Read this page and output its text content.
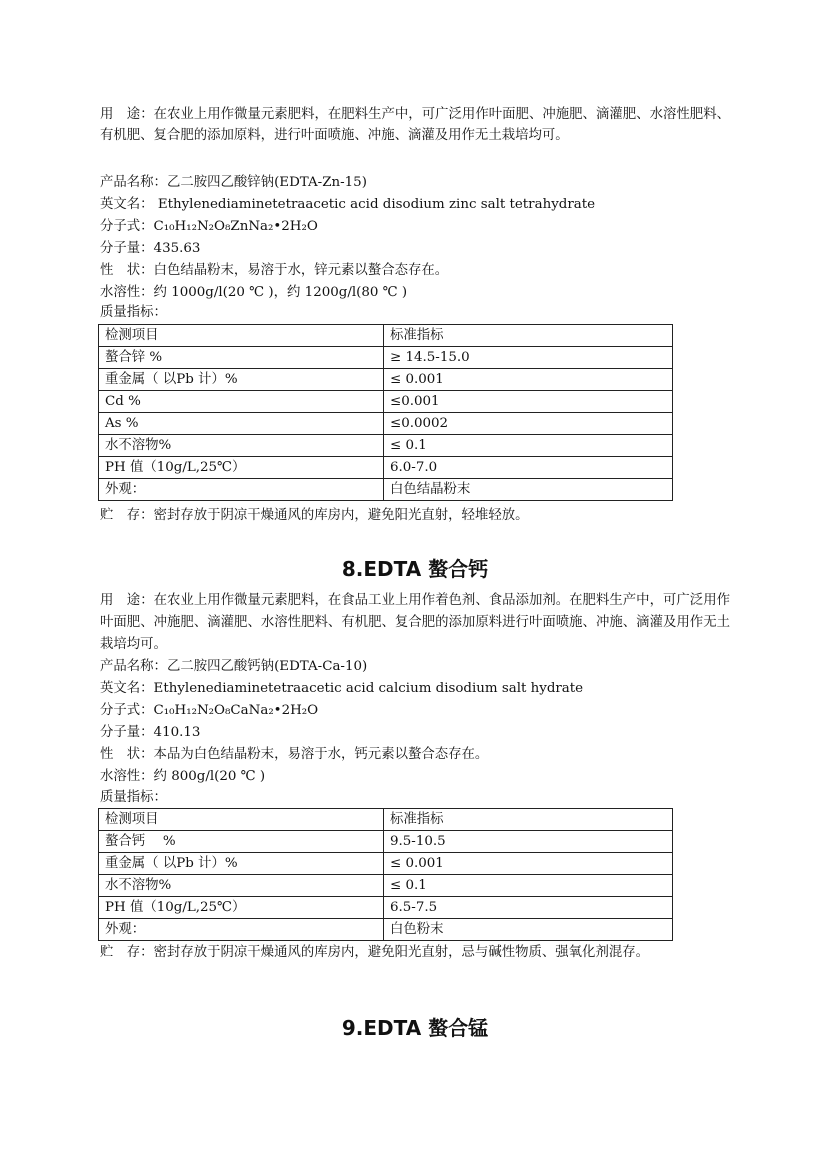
用　途：在农业上用作微量元素肥料，在肥料生产中，可广泛用作叶面肥、冲施肥、滴灌肥、水溶性肥料、有机肥、复合肥的添加原料，进行叶面喷施、冲施、滴灌及用作无土栽培均可。

产品名称：乙二胺四乙酸锌钠(EDTA-Zn-15)

英文名： Ethylenediaminetetraacetic acid disodium zinc salt tetrahydrate

分子式：C₁₀H₁₂N₂O₈ZnNa₂•2H₂O

分子量：435.63

性　状：白色结晶粉末，易溶于水，锌元素以螯合态存在。

水溶性：约 1000g/l(20 ℃ )，约 1200g/l(80 ℃ )

质量指标：

检测项目	标准指标
螯合锌 %	≥ 14.5-15.0
重金属（ 以Pb 计）%	≤ 0.001
Cd %	≤0.001
As %	≤0.0002
水不溶物%	≤ 0.1
PH 值（10g/L,25℃）	6.0-7.0
外观：	白色结晶粉末

贮　存：密封存放于阴凉干燥通风的库房内，避免阳光直射，轻堆轻放。

8.EDTA 螯合钙

用　途：在农业上用作微量元素肥料，在食品工业上用作着色剂、食品添加剂。在肥料生产中，可广泛用作叶面肥、冲施肥、滴灌肥、水溶性肥料、有机肥、复合肥的添加原料进行叶面喷施、冲施、滴灌及用作无土栽培均可。

产品名称：乙二胺四乙酸钙钠(EDTA-Ca-10)

英文名：Ethylenediaminetetraacetic acid calcium disodium salt hydrate

分子式：C₁₀H₁₂N₂O₈CaNa₂•2H₂O

分子量：410.13

性　状：本品为白色结晶粉末，易溶于水，钙元素以螯合态存在。

水溶性：约 800g/l(20 ℃ )

质量指标：

检测项目	标准指标
螯合钙　 %	9.5-10.5
重金属（ 以Pb 计）%	≤ 0.001
水不溶物%	≤ 0.1
PH 值（10g/L,25℃）	6.5-7.5
外观：	白色粉末

贮　存：密封存放于阴凉干燥通风的库房内，避免阳光直射，忌与碱性物质、强氧化剂混存。

9.EDTA 螯合锰
